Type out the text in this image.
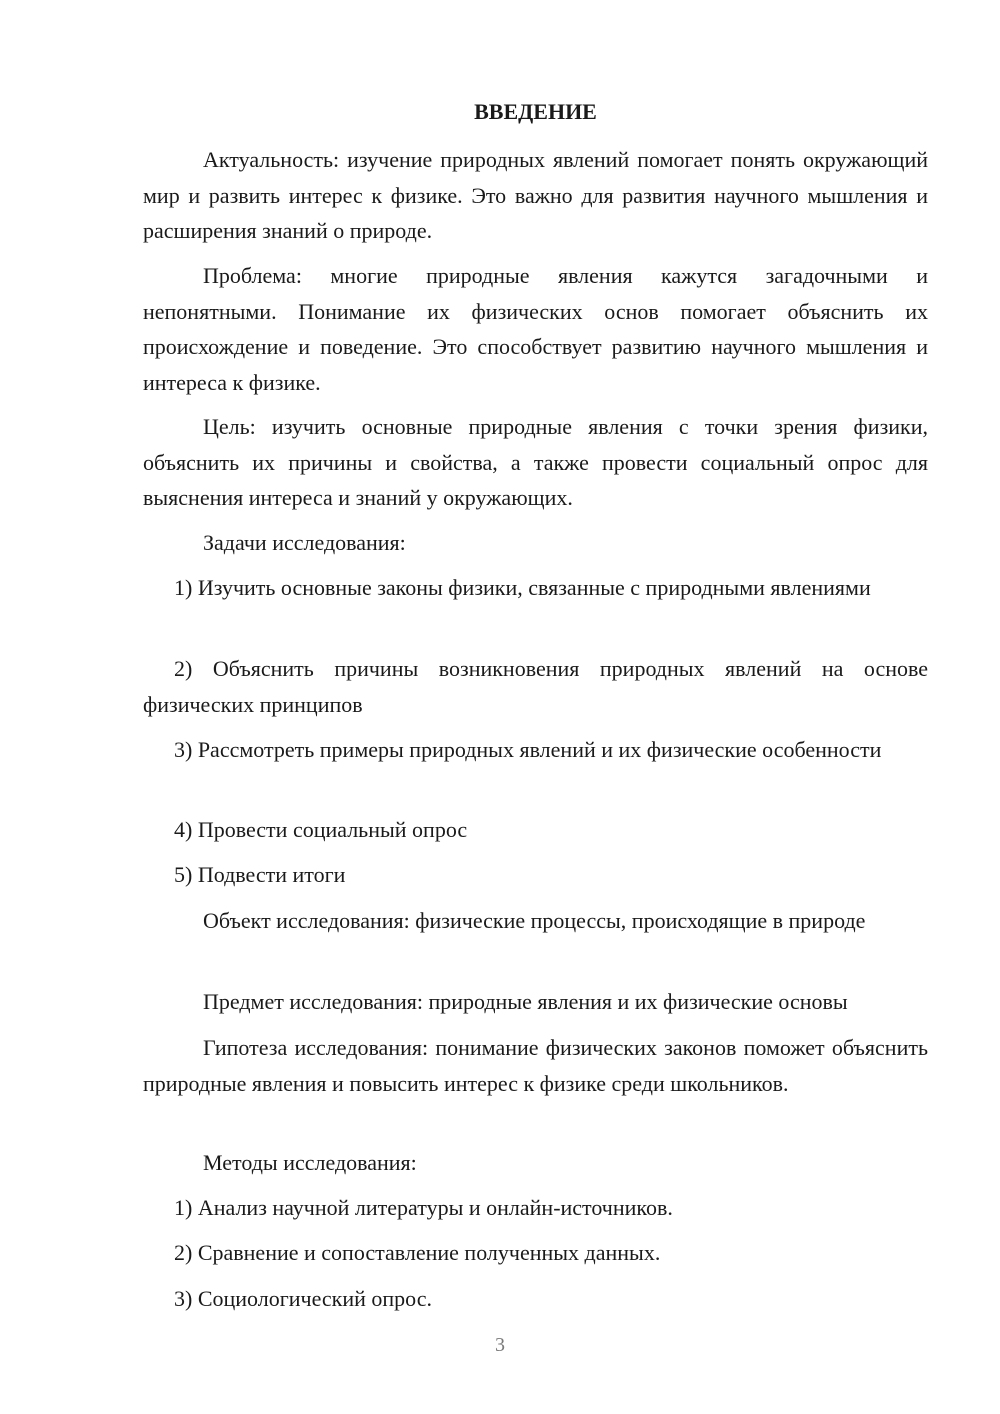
ВВЕДЕНИЕ

Актуальность: изучение природных явлений помогает понять окружающий мир и развить интерес к физике. Это важно для развития научного мышления и расширения знаний о природе.

Проблема: многие природные явления кажутся загадочными и непонятными. Понимание их физических основ помогает объяснить их происхождение и поведение. Это способствует развитию научного мышления и интереса к физике.

Цель: изучить основные природные явления с точки зрения физики, объяснить их причины и свойства, а также провести социальный опрос для выяснения интереса и знаний у окружающих.

Задачи исследования:

1) Изучить основные законы физики, связанные с природными явлениями

2) Объяснить причины возникновения природных явлений на основе физических принципов

3) Рассмотреть примеры природных явлений и их физические особенности

4) Провести социальный опрос

5) Подвести итоги

Объект исследования: физические процессы, происходящие в природе

Предмет исследования: природные явления и их физические основы

Гипотеза исследования: понимание физических законов поможет объяснить природные явления и повысить интерес к физике среди школьников.

Методы исследования:

1) Анализ научной литературы и онлайн-источников.

2) Сравнение и сопоставление полученных данных.

3) Социологический опрос.

3
